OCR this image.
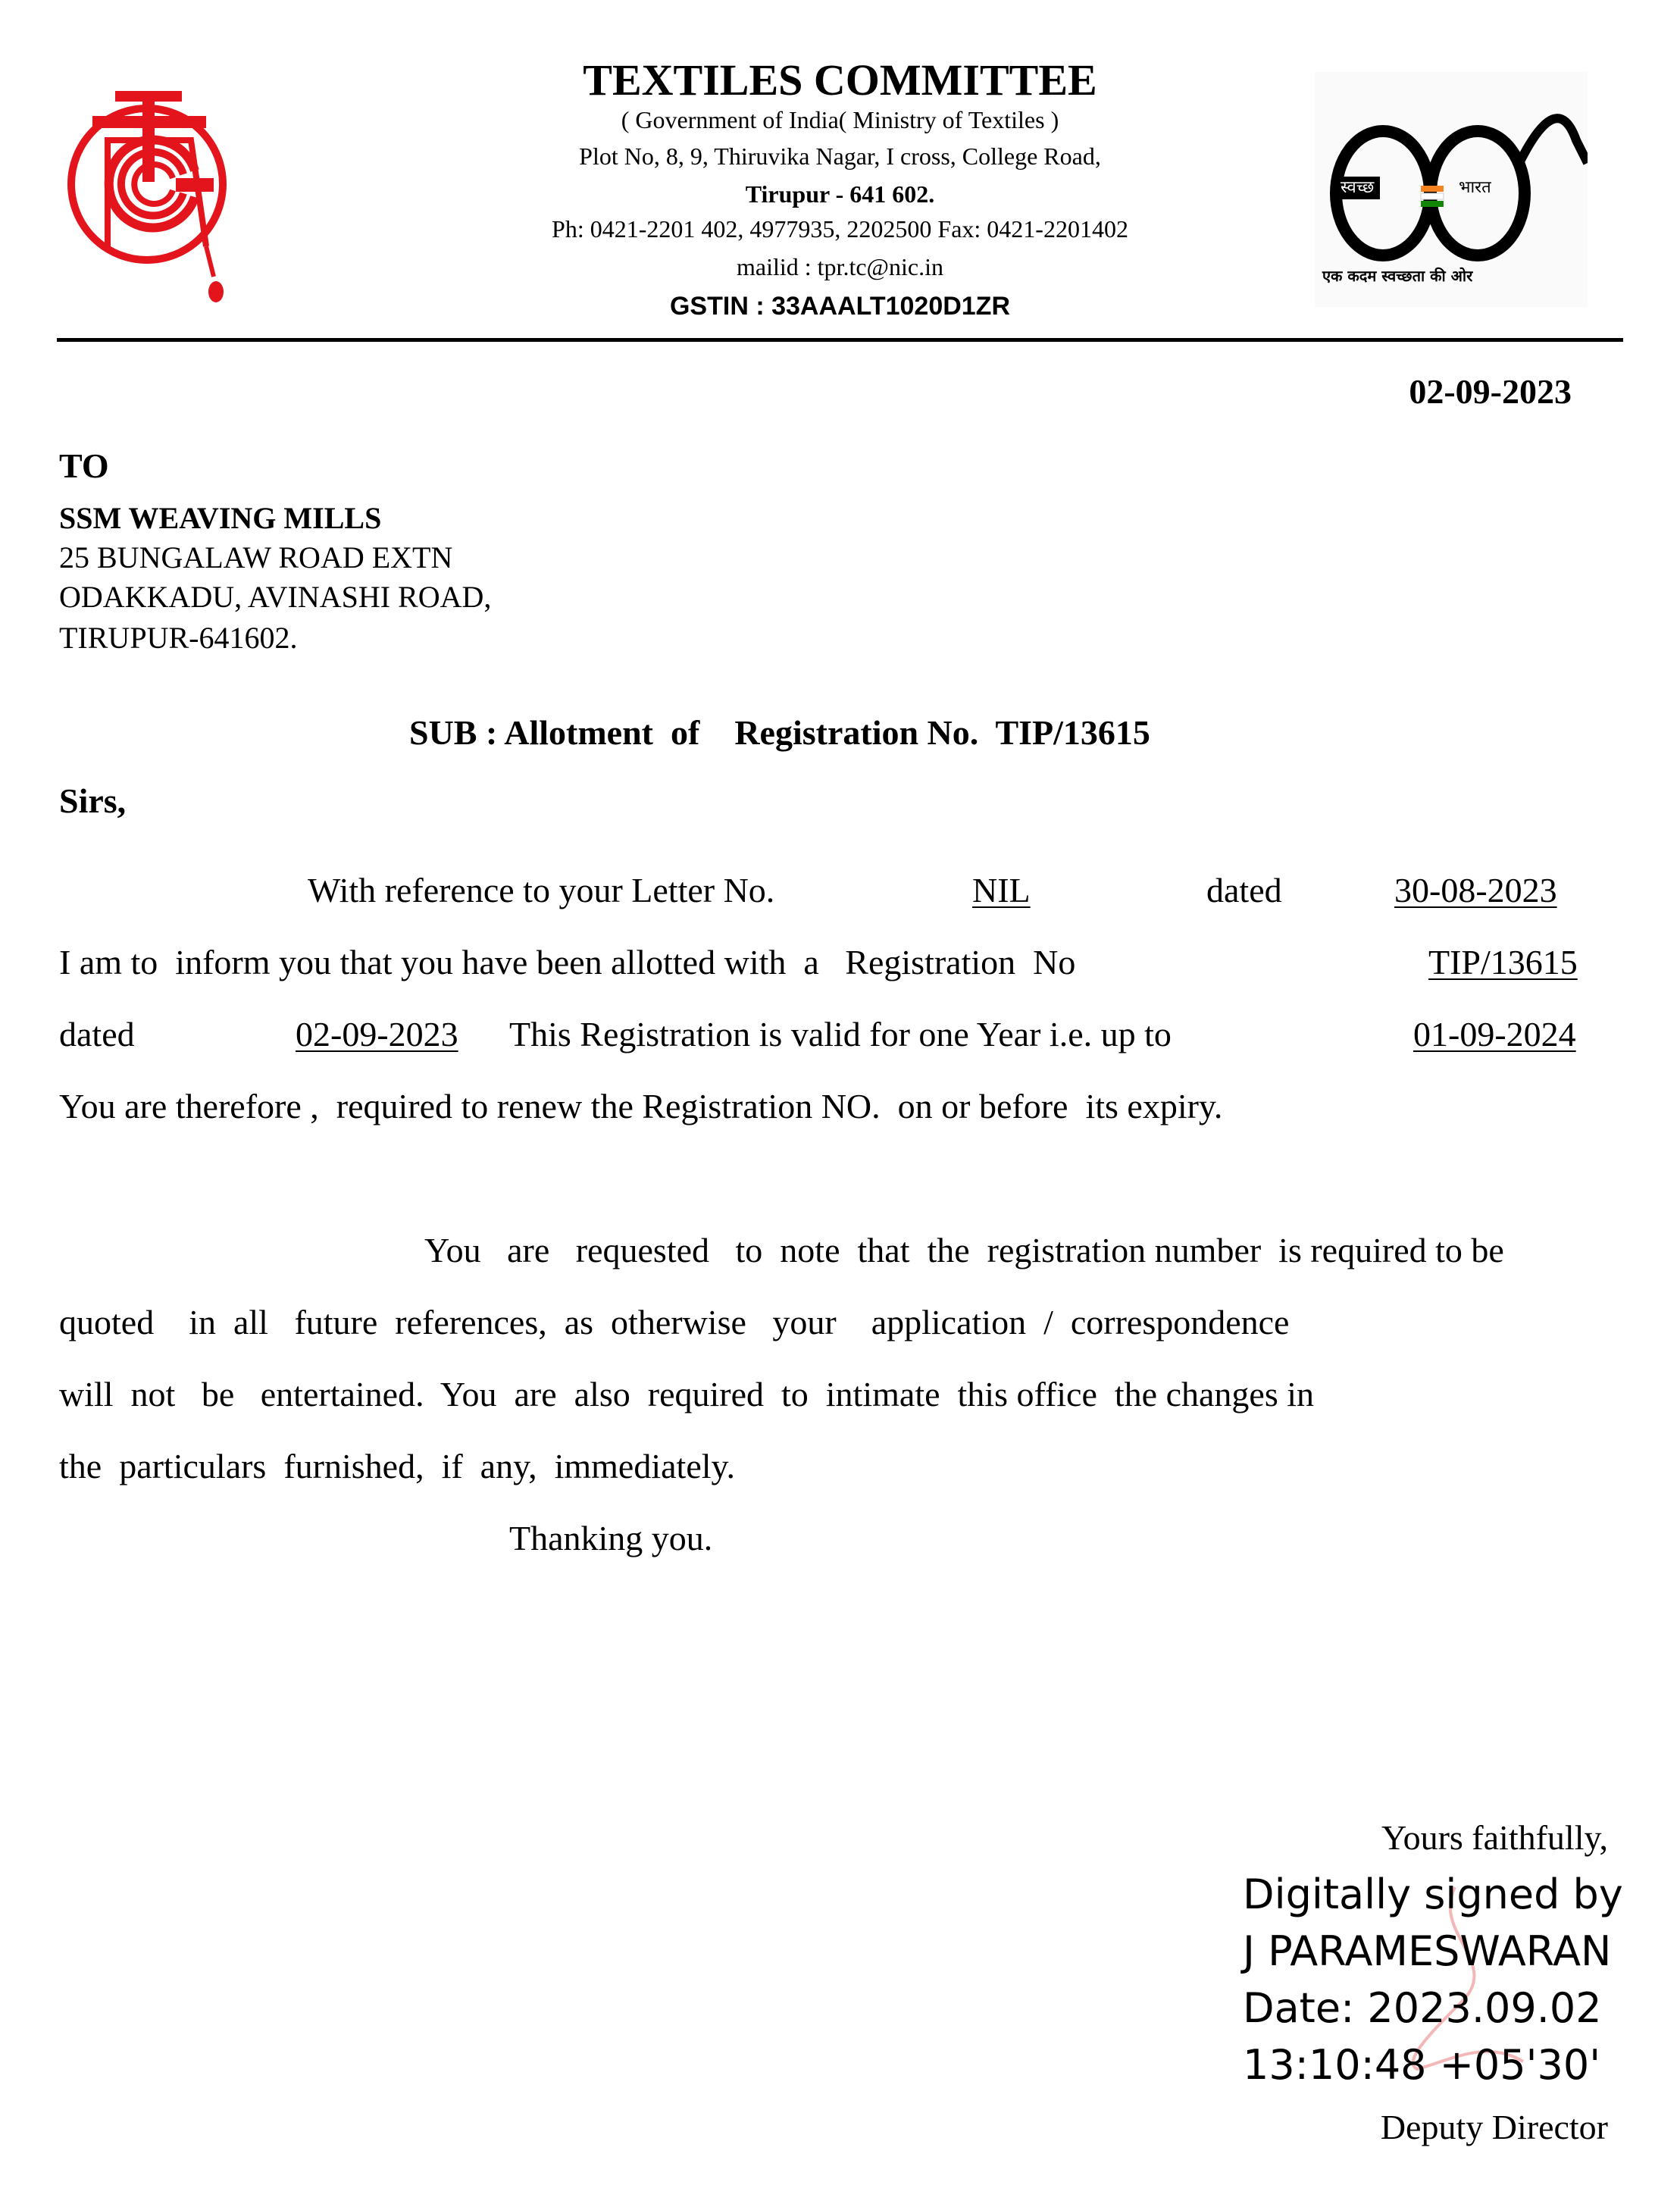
स्वच्छ	भारत
एक कदम स्वच्छता की ओर
TEXTILES COMMITTEE
( Government of India( Ministry of Textiles )
Plot No, 8, 9, Thiruvika Nagar, I cross, College Road,
Tirupur - 641 602.
Ph: 0421-2201 402, 4977935, 2202500 Fax: 0421-2201402
mailid : tpr.tc@nic.in
GSTIN : 33AAALT1020D1ZR
02-09-2023
TO
SSM WEAVING MILLS
25 BUNGALAW ROAD EXTN
ODAKKADU, AVINASHI ROAD,
TIRUPUR-641602.
SUB : Allotment  of    Registration No.  TIP/13615
Sirs,
With reference to your Letter No.	NIL	dated	30-08-2023
I am to  inform you that you have been allotted with  a   Registration  No	TIP/13615
dated	02-09-2023 This Registration is valid for one Year i.e. up to	01-09-2024
You are therefore ,  required to renew the Registration NO.  on or before  its expiry.
You   are   requested   to  note  that  the  registration number  is required to be
quoted    in  all   future  references,  as  otherwise   your    application  /  correspondence
will  not   be   entertained.  You  are  also  required  to  intimate  this office  the changes in
the  particulars  furnished,  if  any,  immediately.
Thanking you.
Yours faithfully,
Digitally signed by
J PARAMESWARAN
Date: 2023.09.02
13:10:48 +05'30'
Deputy Director
